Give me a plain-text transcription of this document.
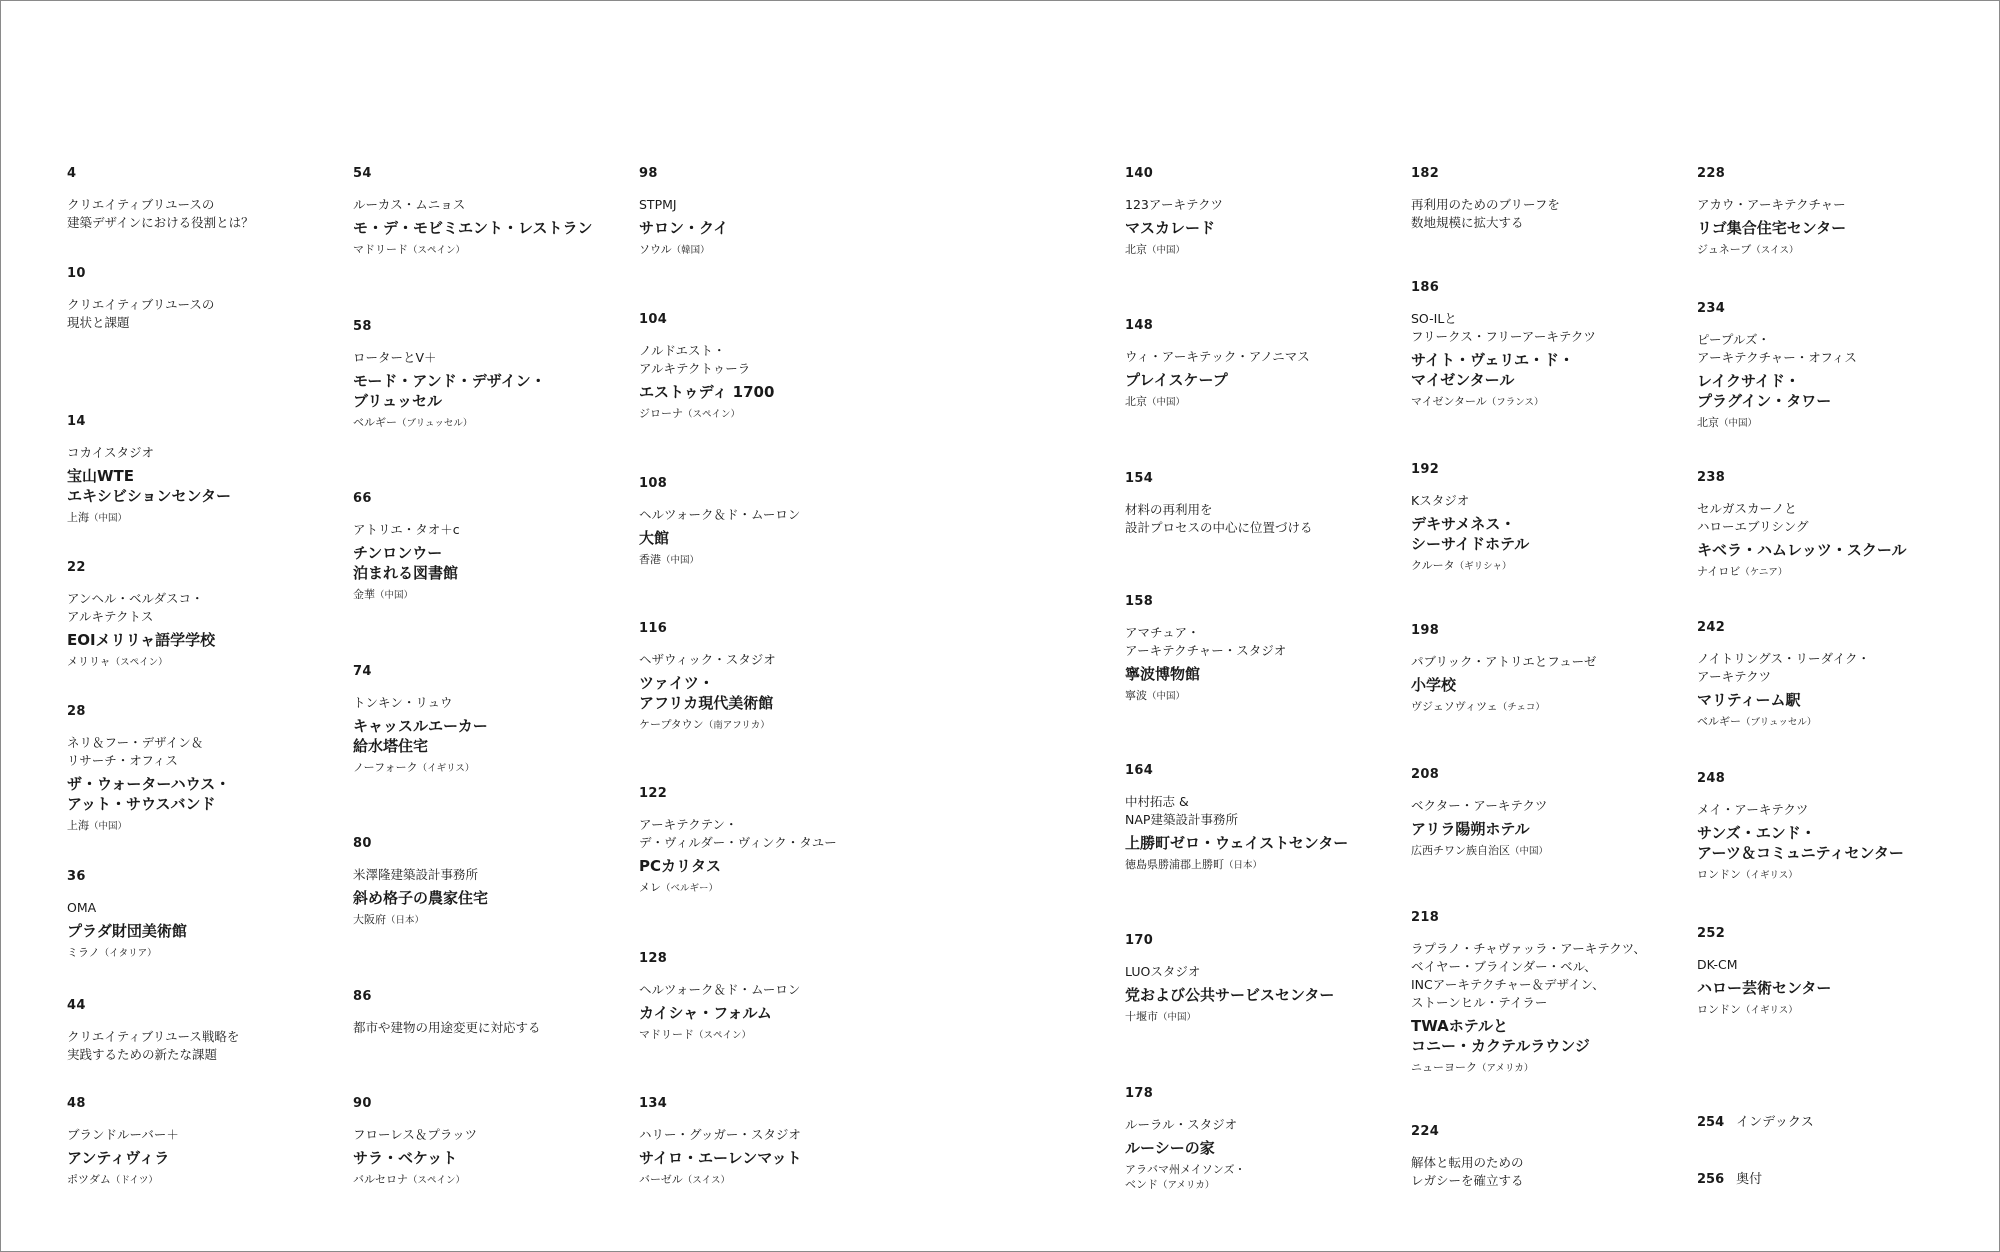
4
クリエイティブリユースの
建築デザインにおける役割とは？
10
クリエイティブリユースの
現状と課題
14
コカイスタジオ
宝山WTE
エキシビションセンター
上海（中国）
22
アンヘル・ベルダスコ・
アルキテクトス
EOIメリリャ語学学校
メリリャ（スペイン）
28
ネリ＆フー・デザイン＆
リサーチ・オフィス
ザ・ウォーターハウス・
アット・サウスバンド
上海（中国）
36
OMA
プラダ財団美術館
ミラノ（イタリア）
44
クリエイティブリユース戦略を
実践するための新たな課題
48
ブランドルーバー＋
アンティヴィラ
ポツダム（ドイツ）
54
ルーカス・ムニョス
モ・デ・モビミエント・レストラン
マドリード（スペイン）
58
ローターとV＋
モード・アンド・デザイン・
ブリュッセル
ベルギー（ブリュッセル）
66
アトリエ・タオ＋c
チンロンウー
泊まれる図書館
金華（中国）
74
トンキン・リュウ
キャッスルエーカー
給水塔住宅
ノーフォーク（イギリス）
80
米澤隆建築設計事務所
斜め格子の農家住宅
大阪府（日本）
86
都市や建物の用途変更に対応する
90
フローレス＆プラッツ
サラ・ベケット
バルセロナ（スペイン）
98
STPMJ
サロン・クイ
ソウル（韓国）
104
ノルドエスト・
アルキテクトゥーラ
エストゥディ 1700
ジローナ（スペイン）
108
ヘルツォーク＆ド・ムーロン
大館
香港（中国）
116
ヘザウィック・スタジオ
ツァイツ・
アフリカ現代美術館
ケープタウン（南アフリカ）
122
アーキテクテン・
デ・ヴィルダー・ヴィンク・タユー
PCカリタス
メレ（ベルギー）
128
ヘルツォーク＆ド・ムーロン
カイシャ・フォルム
マドリード（スペイン）
134
ハリー・グッガー・スタジオ
サイロ・エーレンマット
バーゼル（スイス）
140
123アーキテクツ
マスカレード
北京（中国）
148
ウィ・アーキテック・アノニマス
プレイスケープ
北京（中国）
154
材料の再利用を
設計プロセスの中心に位置づける
158
アマチュア・
アーキテクチャー・スタジオ
寧波博物館
寧波（中国）
164
中村拓志 &
NAP建築設計事務所
上勝町ゼロ・ウェイストセンター
徳島県勝浦郡上勝町（日本）
170
LUOスタジオ
党および公共サービスセンター
十堰市（中国）
178
ルーラル・スタジオ
ルーシーの家
アラバマ州メイソンズ・
ベンド（アメリカ）
182
再利用のためのブリーフを
数地規模に拡大する
186
SO-ILと
フリークス・フリーアーキテクツ
サイト・ヴェリエ・ド・
マイゼンタール
マイゼンタール（フランス）
192
Kスタジオ
デキサメネス・
シーサイドホテル
クルータ（ギリシャ）
198
パブリック・アトリエとフューゼ
小学校
ヴジェソヴィツェ（チェコ）
208
ベクター・アーキテクツ
アリラ陽朔ホテル
広西チワン族自治区（中国）
218
ラプラノ・チャヴァッラ・アーキテクツ、
ベイヤー・ブラインダー・ベル、
INCアーキテクチャー＆デザイン、
ストーンヒル・テイラー
TWAホテルと
コニー・カクテルラウンジ
ニューヨーク（アメリカ）
224
解体と転用のための
レガシーを確立する
228
アカウ・アーキテクチャー
リゴ集合住宅センター
ジュネーブ（スイス）
234
ピープルズ・
アーキテクチャー・オフィス
レイクサイド・
プラグイン・タワー
北京（中国）
238
セルガスカーノと
ハローエブリシング
キベラ・ハムレッツ・スクール
ナイロビ（ケニア）
242
ノイトリングス・リーダイク・
アーキテクツ
マリティーム駅
ベルギー（ブリュッセル）
248
メイ・アーキテクツ
サンズ・エンド・
アーツ＆コミュニティセンター
ロンドン（イギリス）
252
DK-CM
ハロー芸術センター
ロンドン（イギリス）
254 インデックス
256 奥付
